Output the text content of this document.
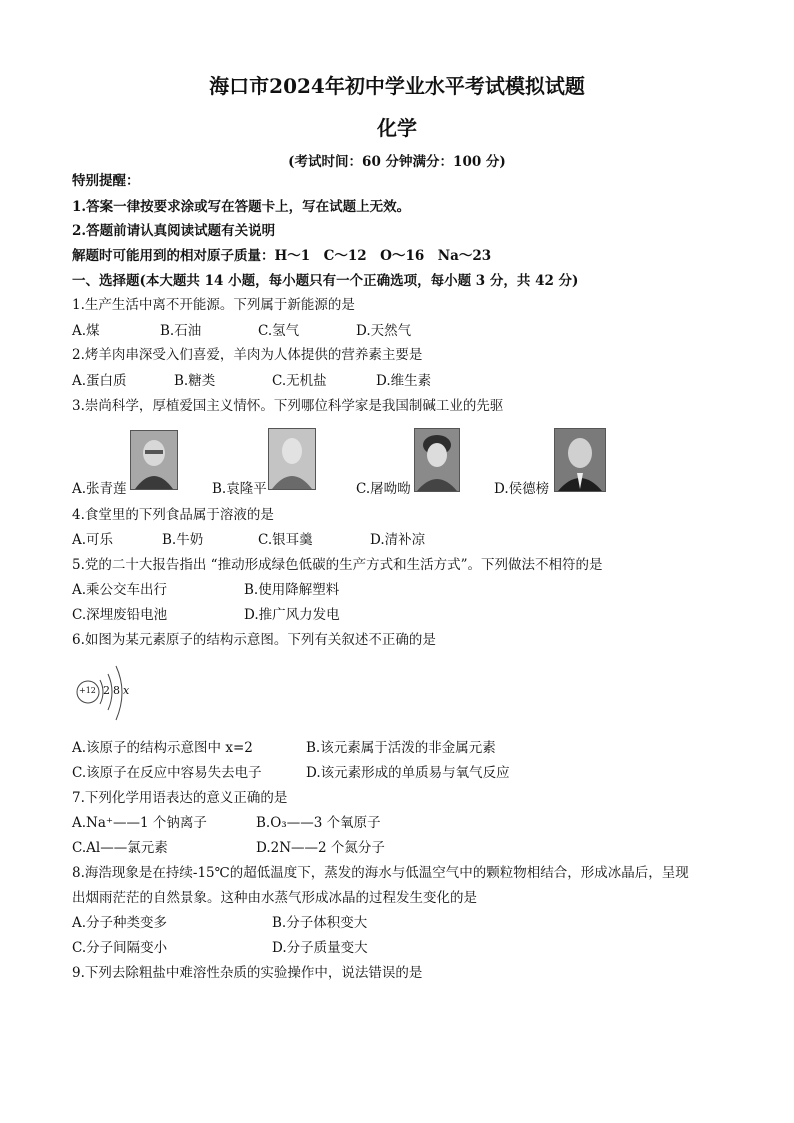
海口市2024年初中学业水平考试模拟试题
化学
(考试时间：60 分钟满分：100 分)
特别提醒：
1.答案一律按要求涂或写在答题卡上，写在试题上无效。
2.答题前请认真阅读试题有关说明
解题时可能用到的相对原子质量：H～1　C～12　O～16　Na～23
一、选择题(本大题共 14 小题，每小题只有一个正确选项，每小题 3 分，共 42 分)
1.生产生活中离不开能源。下列属于新能源的是
A.煤	B.石油	C.氢气	D.天然气
2.烤羊肉串深受入们喜爱，羊肉为人体提供的营养素主要是
A.蛋白质	B.糖类	C.无机盐	D.维生素
3.崇尚科学，厚植爱国主义情怀。下列哪位科学家是我国制碱工业的先驱
A.张青莲	B.袁隆平	C.屠呦呦	D.侯德榜
4.食堂里的下列食品属于溶液的是
A.可乐	B.牛奶	C.银耳羹	D.清补凉
5.党的二十大报告指出 “推动形成绿色低碳的生产方式和生活方式”。下列做法不相符的是
A.乘公交车出行	B.使用降解塑料
C.深埋废铅电池	D.推广风力发电
6.如图为某元素原子的结构示意图。下列有关叙述不正确的是
+12 2 8 x
A.该原子的结构示意图中 x=2	B.该元素属于活泼的非金属元素
C.该原子在反应中容易失去电子	D.该元素形成的单质易与氧气反应
7.下列化学用语表达的意义正确的是
A.Na⁺——1 个钠离子	B.O₃——3 个氧原子
C.Al——氯元素	D.2N——2 个氮分子
8.海浩现象是在持续-15℃的超低温度下，蒸发的海水与低温空气中的颗粒物相结合，形成冰晶后，呈现
出烟雨茫茫的自然景象。这种由水蒸气形成冰晶的过程发生变化的是
A.分子种类变多	B.分子体积变大
C.分子间隔变小	D.分子质量变大
9.下列去除粗盐中难溶性杂质的实验操作中，说法错误的是
